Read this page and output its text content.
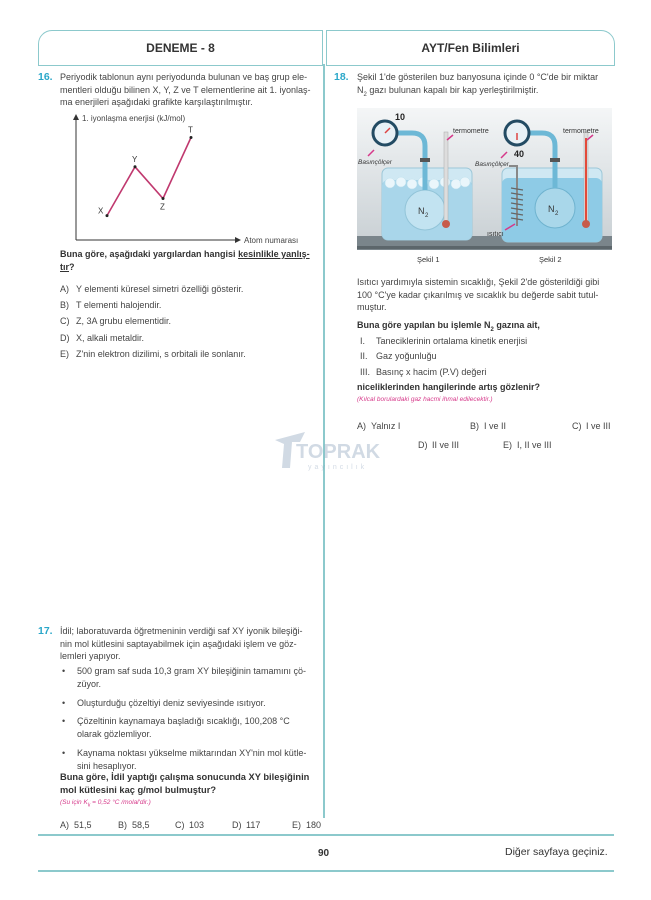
DENEME - 8	AYT/Fen Bilimleri
16. Periyodik tablonun aynı periyodunda bulunan ve baş grup ele-
mentleri olduğu bilinen X, Y, Z ve T elementlerine ait 1. iyonlaş-
ma enerjileri aşağıdaki grafikte karşılaştırılmıştır.
1. iyonlaşma enerjisi (kJ/mol)
Atom numarası
X
Y
Z
T
Buna göre, aşağıdaki yargılardan hangisi kesinlikle yanlış-
tır?
A) Y elementi küresel simetri özelliği gösterir.
B) T elementi halojendir.
C) Z, 3A grubu elementidir.
D) X, alkali metaldir.
E) Z'nin elektron dizilimi, s orbitali ile sonlanır.
TOPRAK
yayıncılık
17. İdil; laboratuvarda öğretmeninin verdiği saf XY iyonik bileşiği-
nin mol kütlesini saptayabilmek için aşağıdaki işlem ve göz-
lemleri yapıyor.
• 500 gram saf suda 10,3 gram XY bileşiğinin tamamını çö-
züyor.
• Oluşturduğu çözeltiyi deniz seviyesinde ısıtıyor.
• Çözeltinin kaynamaya başladığı sıcaklığı, 100,208 °C
olarak gözlemliyor.
• Kaynama noktası yükselme miktarından XY'nin mol kütle-
sini hesaplıyor.
Buna göre, İdil yaptığı çalışma sonucunda XY bileşiğinin
mol kütlesini kaç g/mol bulmuştur?
(Su için $K_k = 0,52$ °C /molal'dir.)
A) 51,5	B) 58,5	C) 103	D) 117	E) 180
18. Şekil 1'de gösterilen buz banyosuna içinde 0 °C'de bir miktar
$N_2$ gazı bulunan kapalı bir kap yerleştirilmiştir.
N 2
10
termometre
Basınçölçer
N 2
40
termometre
Basınçölçer
ısıtıcı
Şekil 1	Şekil 2
Isıtıcı yardımıyla sistemin sıcaklığı, Şekil 2'de gösterildiği gibi
100 °C'ye kadar çıkarılmış ve sıcaklık bu değerde sabit tutul-
muştur.
Buna göre yapılan bu işlemle $N_2$ gazına ait,
I. Taneciklerinin ortalama kinetik enerjisi
II. Gaz yoğunluğu
III. Basınç x hacim (P.V) değeri
niceliklerinden hangilerinde artış gözlenir?
(Kılcal borulardaki gaz hacmi ihmal edilecektir.)
A) Yalnız I	B) I ve II	C) I ve III
D) II ve III	E) I, II ve III
90	Diğer sayfaya geçiniz.
